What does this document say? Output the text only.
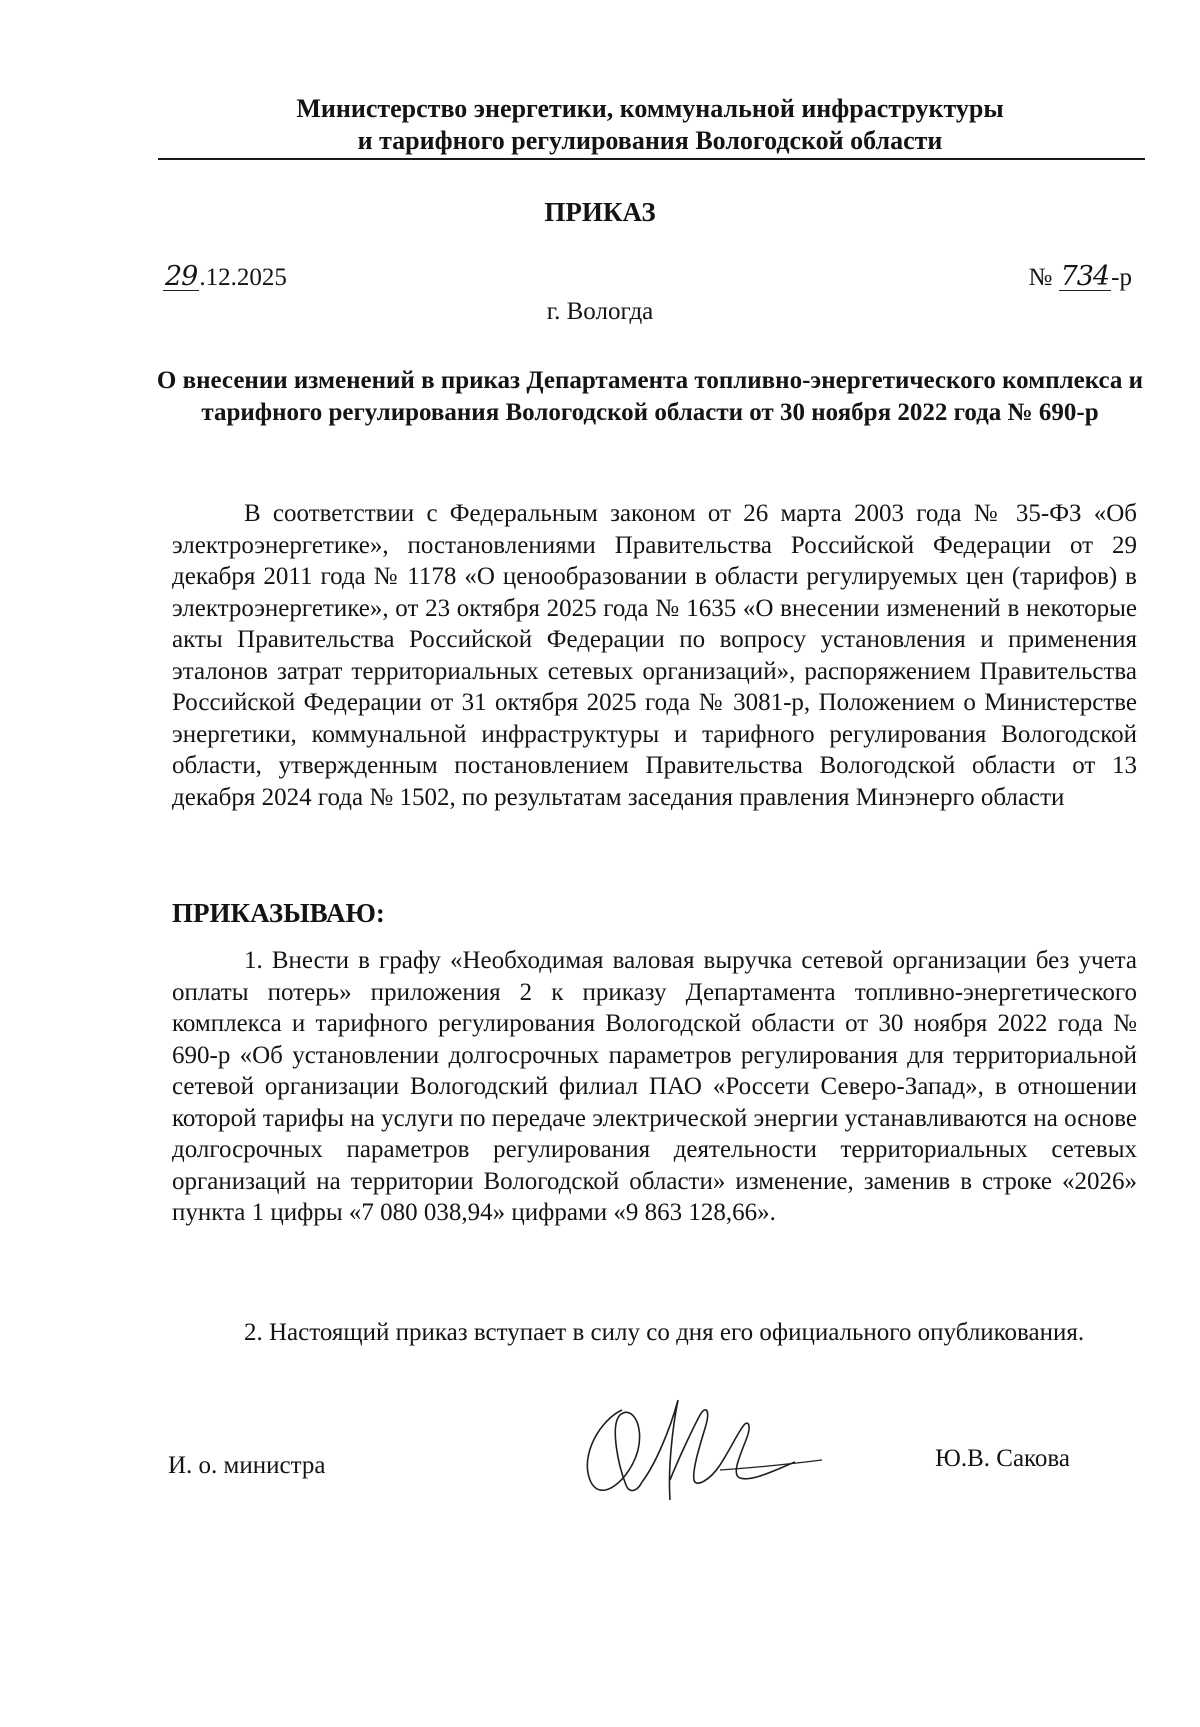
Министерство энергетики, коммунальной инфраструктуры
и тарифного регулирования Вологодской области
ПРИКАЗ
29.12.2025	№ 734-р
г. Вологда
О внесении изменений в приказ Департамента топливно-энергетического комплекса и тарифного регулирования Вологодской области от 30 ноября 2022 года № 690-р
В соответствии с Федеральным законом от 26 марта 2003 года № 35-ФЗ «Об электроэнергетике», постановлениями Правительства Российской Федерации от 29 декабря 2011 года № 1178 «О ценообразовании в области регулируемых цен (тарифов) в электроэнергетике», от 23 октября 2025 года № 1635 «О внесении изменений в некоторые акты Правительства Российской Федерации по вопросу установления и применения эталонов затрат территориальных сетевых организаций», распоряжением Правительства Российской Федерации от 31 октября 2025 года № 3081-р, Положением о Министерстве энергетики, коммунальной инфраструктуры и тарифного регулирования Вологодской области, утвержденным постановлением Правительства Вологодской области от 13 декабря 2024 года № 1502, по результатам заседания правления Минэнерго области
ПРИКАЗЫВАЮ:
1. Внести в графу «Необходимая валовая выручка сетевой организации без учета оплаты потерь» приложения 2 к приказу Департамента топливно-энергетического комплекса и тарифного регулирования Вологодской области от 30 ноября 2022 года № 690-р «Об установлении долгосрочных параметров регулирования для территориальной сетевой организации Вологодский филиал ПАО «Россети Северо-Запад», в отношении которой тарифы на услуги по передаче электрической энергии устанавливаются на основе долгосрочных параметров регулирования деятельности территориальных сетевых организаций на территории Вологодской области» изменение, заменив в строке «2026» пункта 1 цифры «7 080 038,94» цифрами «9 863 128,66».
2. Настоящий приказ вступает в силу со дня его официального опубликования.
И. о. министра	Ю.В. Сакова
